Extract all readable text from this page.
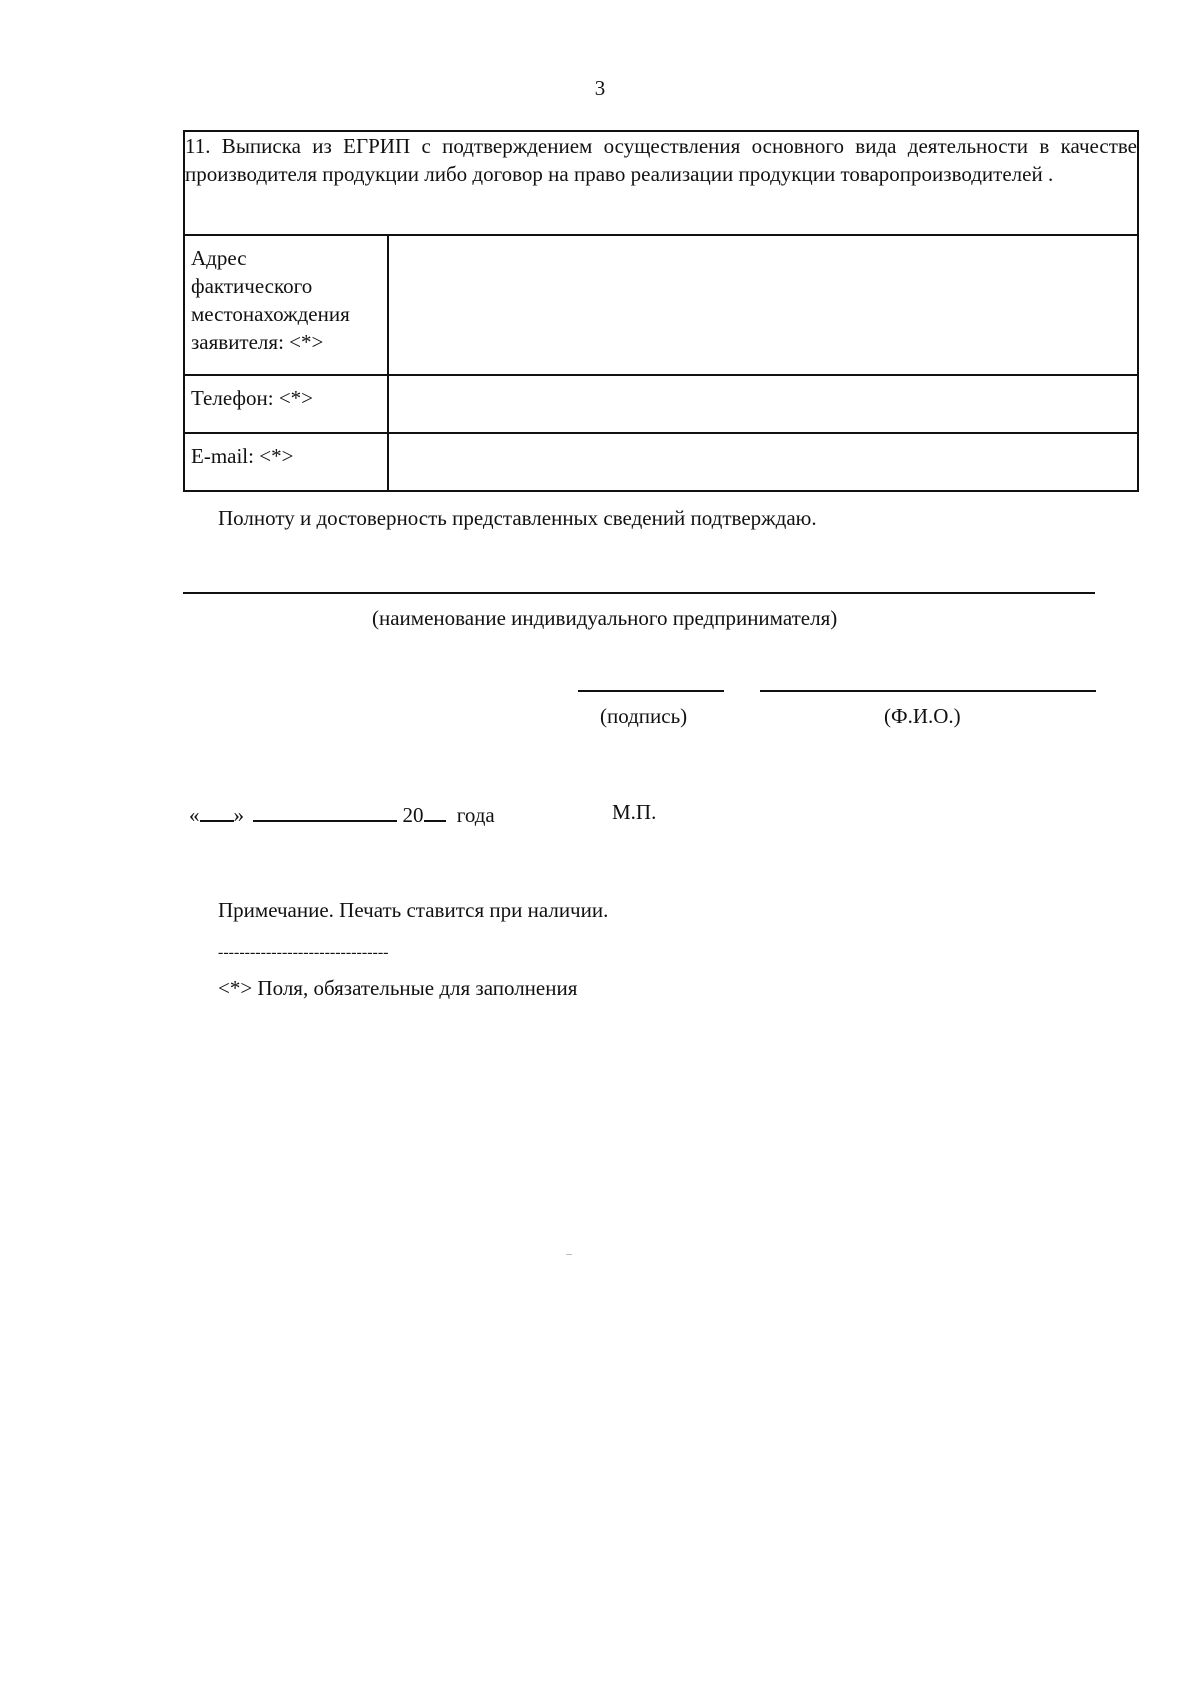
3
11. Выписка из ЕГРИП с подтверждением осуществления основного вида деятельности в качестве производителя продукции либо договор на право реализации продукции товаропроизводителей .	

Адрес
фактического
местонахождения
заявителя: <*>	

Телефон: <*>	
E-mail: <*>	
Полноту и достоверность представленных сведений подтверждаю.
(наименование индивидуального предпринимателя)
(подпись)	(Ф.И.О.)
« »	20 года	М.П.
Примечание. Печать ставится при наличии.
--------------------------------
<*> Поля, обязательные для заполнения
